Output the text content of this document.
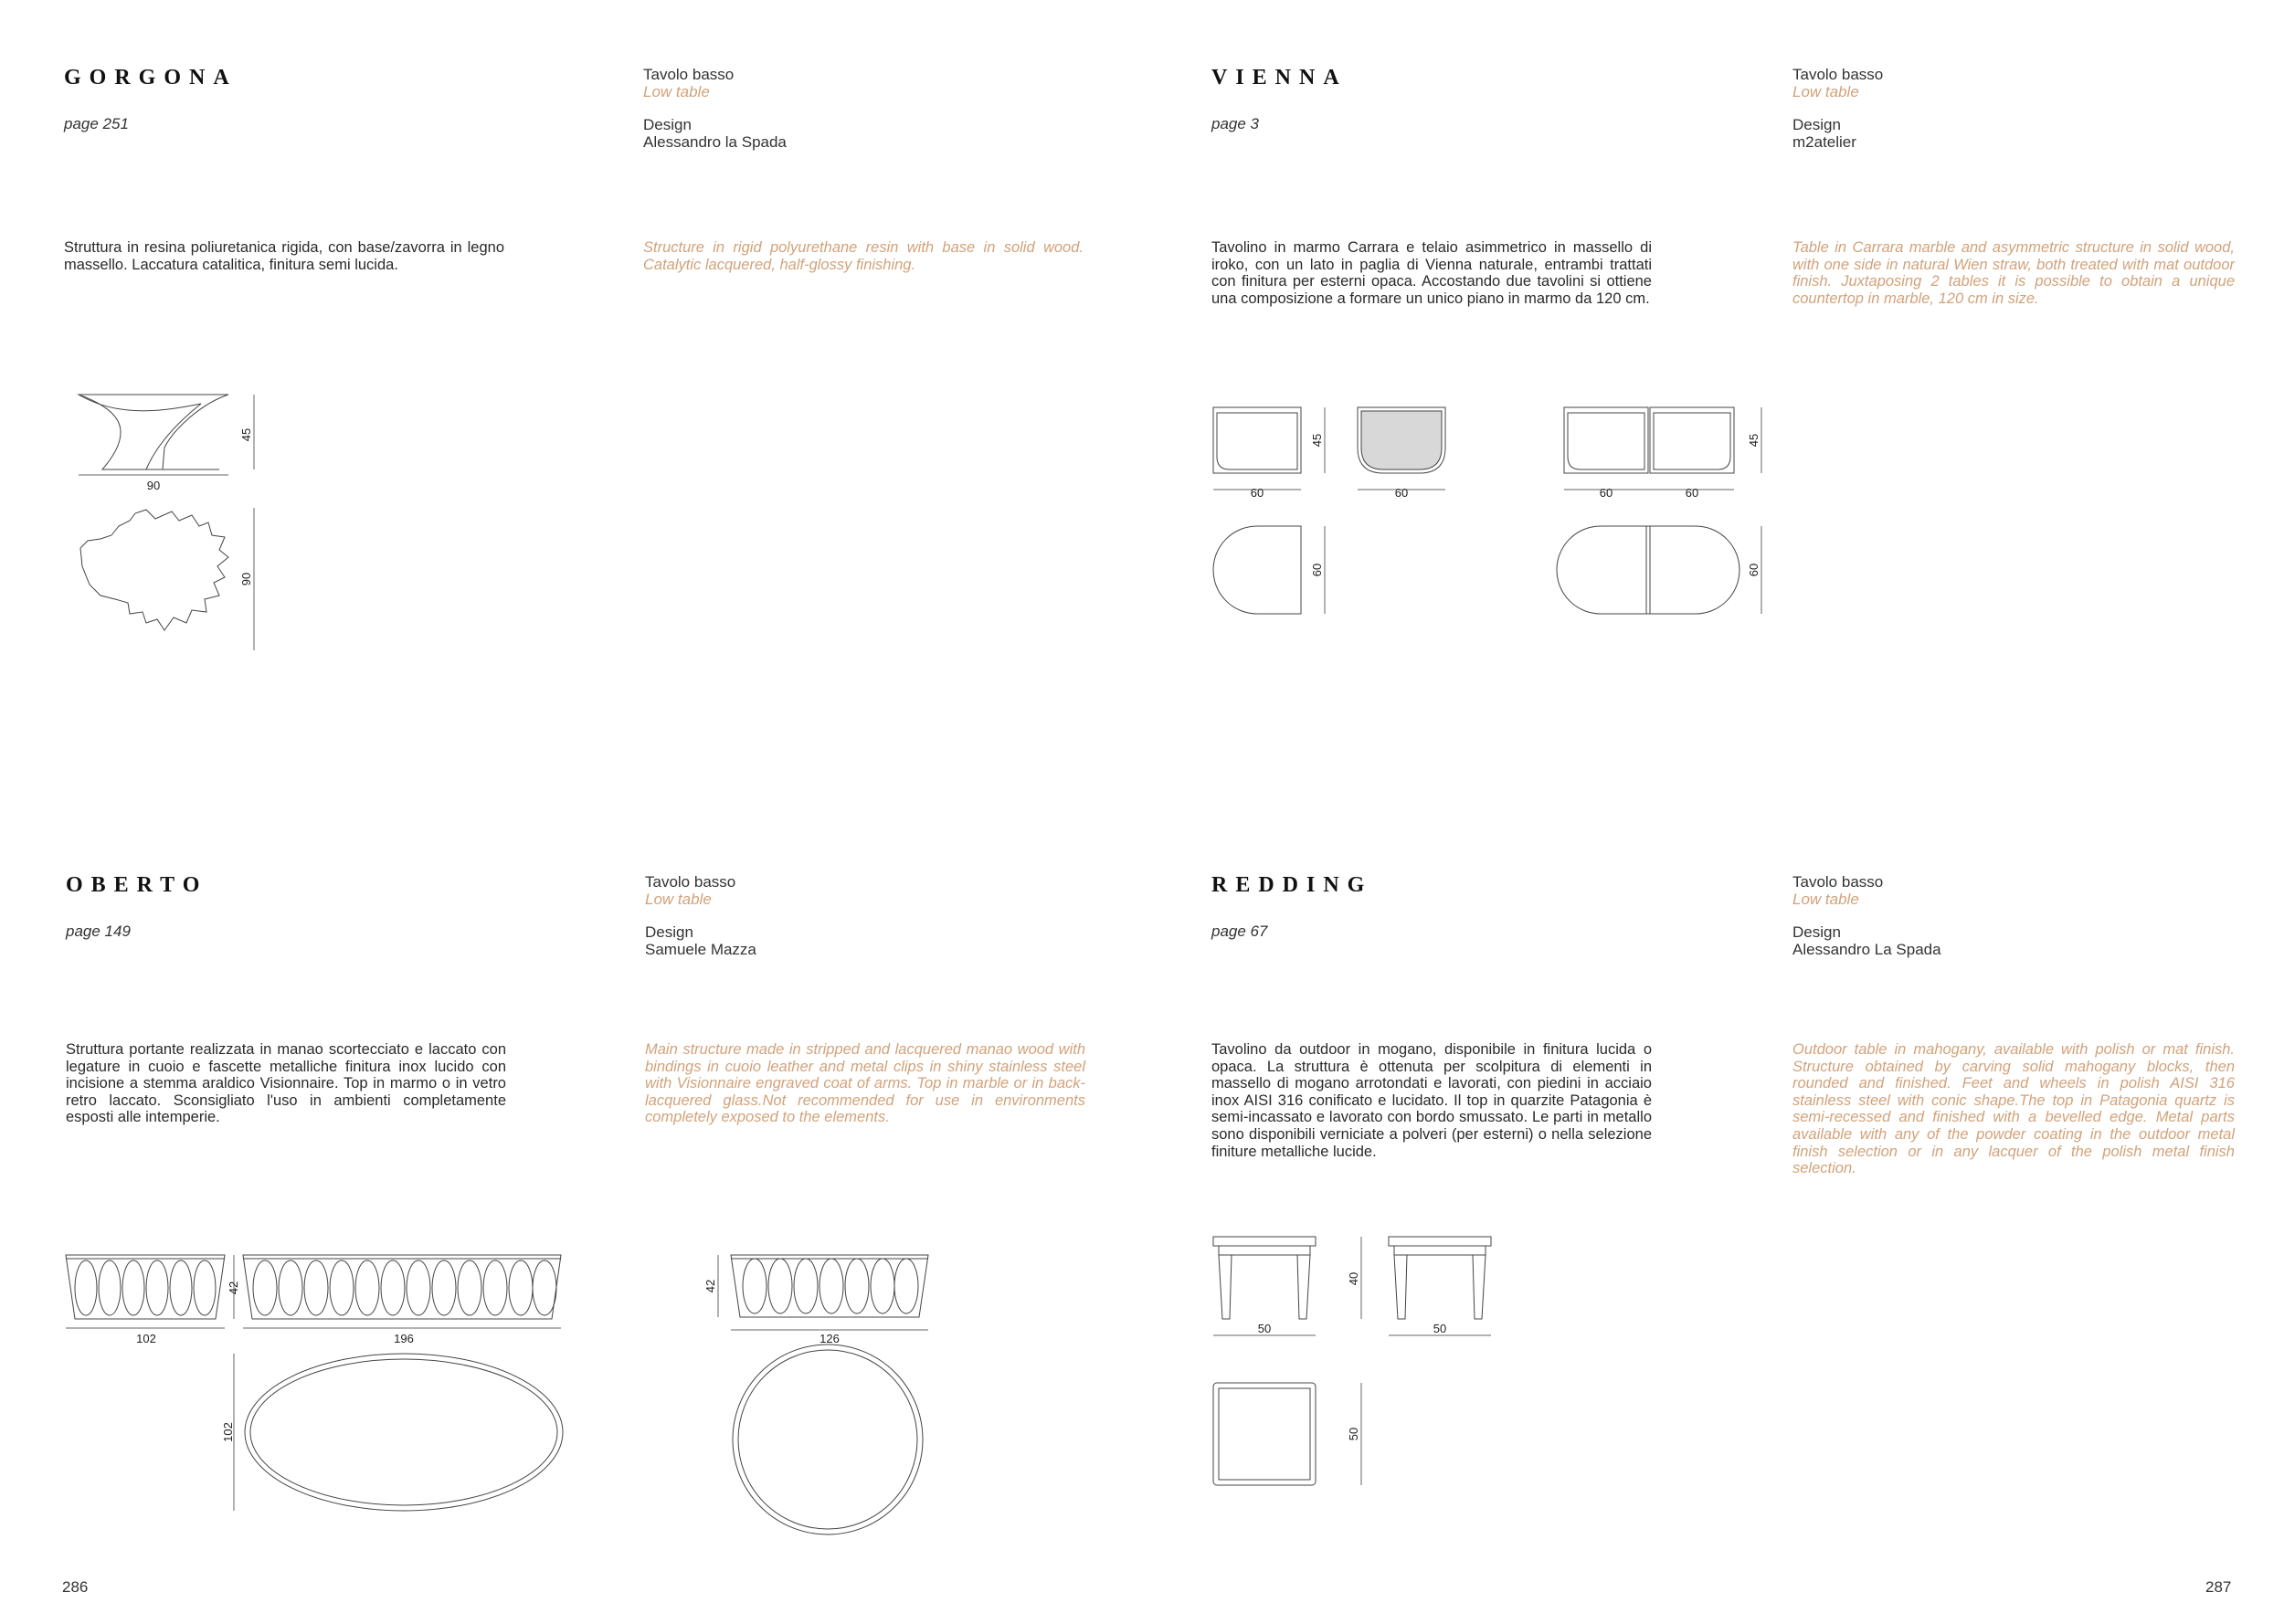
GORGONA
page 251
Tavolo basso
Low table
Design
Alessandro la Spada
Struttura in resina poliuretanica rigida, con base/zavorra in legno massello. Laccatura catalitica, finitura semi lucida.
Structure in rigid polyurethane resin with base in solid wood. Catalytic lacquered, half-glossy finishing.
90
45
90
VIENNA
page 3
Tavolo basso
Low table
Design
m2atelier
Tavolino in marmo Carrara e telaio asimmetrico in massello di iroko, con un lato in paglia di Vienna naturale, entrambi trattati con finitura per esterni opaca. Accostando due tavolini si ottiene una composizione a formare un unico piano in marmo da 120 cm.
Table in Carrara marble and asymmetric structure in solid wood, with one side in natural Wien straw, both treated with mat outdoor finish. Juxtaposing 2 tables it is possible to obtain a unique countertop in marble, 120 cm in size.
60
45
60	60	60
45
60	60
OBERTO
page 149
Tavolo basso
Low table
Design
Samuele Mazza
Struttura portante realizzata in manao scortecciato e laccato con legature in cuoio e fascette metalliche finitura inox lucido con incisione a stemma araldico Visionnaire. Top in marmo o in vetro retro laccato. Sconsigliato l'uso in ambienti completamente esposti alle intemperie.
Main structure made in stripped and lacquered manao wood with bindings in cuoio leather and metal clips in shiny stainless steel with Visionnaire engraved coat of arms. Top in marble or in back-lacquered glass.Not recommended for use in environments completely exposed to the elements.
102	196
42
102
42
126
REDDING
page 67
Tavolo basso
Low table
Design
Alessandro La Spada
Tavolino da outdoor in mogano, disponibile in finitura lucida o opaca. La struttura è ottenuta per scolpitura di elementi in massello di mogano arrotondati e lavorati, con piedini in acciaio inox AISI 316 conificato e lucidato. Il top in quarzite Patagonia è semi-incassato e lavorato con bordo smussato. Le parti in metallo sono disponibili verniciate a polveri (per esterni) o nella selezione finiture metalliche lucide.
Outdoor table in mahogany, available with polish or mat finish. Structure obtained by carving solid mahogany blocks, then rounded and finished. Feet and wheels in polish AISI 316 stainless steel with conic shape.The top in Patagonia quartz is semi-recessed and finished with a bevelled edge. Metal parts available with any of the powder coating in the outdoor metal finish selection or in any lacquer of the polish metal finish selection.
50
40
50
50
286	287
